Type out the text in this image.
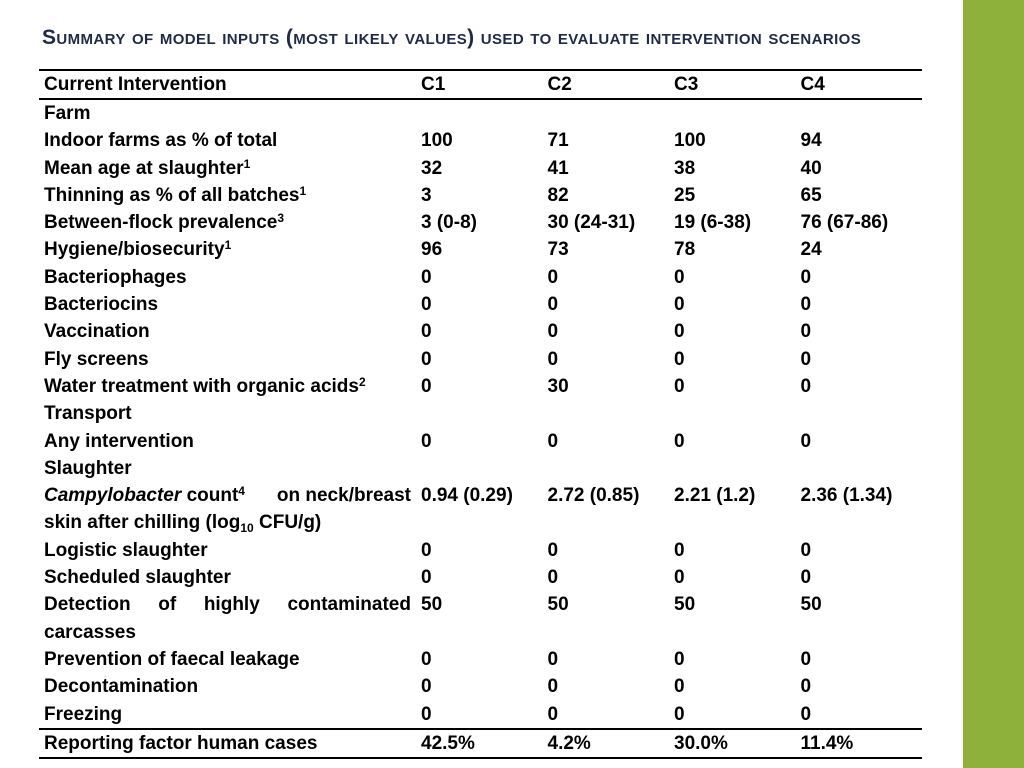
Summary of model inputs (most likely values) used to evaluate intervention scenarios
Current Intervention	C1	C2	C3	C4
Farm				
Indoor farms as % of total	100	71	100	94
Mean age at slaughter$^1$	32	41	38	40
Thinning as % of all batches$^1$	3	82	25	65
Between-flock prevalence$^3$	3 (0-8)	30 (24-31)	19 (6-38)	76 (67-86)
Hygiene/biosecurity$^1$	96	73	78	24
Bacteriophages	0	0	0	0
Bacteriocins	0	0	0	0
Vaccination	0	0	0	0
Fly screens	0	0	0	0
Water treatment with organic acids$^2$	0	30	0	0
Transport				
Any intervention	0	0	0	0
Slaughter				

Campylobacter count$^4$ on neck/breast
skin after chilling ($\log_{10}$ CFU/g)	0.94 (0.29)	2.72 (0.85)	2.21 (1.2)	2.36 (1.34)
Logistic slaughter	0	0	0	0
Scheduled slaughter	0	0	0	0

Detection of highly contaminated
carcasses	50	50	50	50
Prevention of faecal leakage	0	0	0	0
Decontamination	0	0	0	0
Freezing	0	0	0	0
Reporting factor human cases	42.5%	4.2%	30.0%	11.4%
